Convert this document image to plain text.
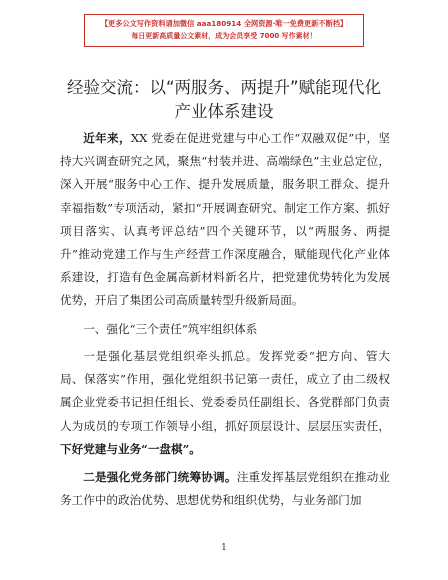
【更多公文写作资料请加微信 aaa180914 全网资源·唯一免费更新不断档】
每日更新高质量公文素材，成为会员享受 7000 写作素材！
经验交流：以“两服务、两提升”赋能现代化
产业体系建设

近年来，XX 党委在促进党建与中心工作“双融双促”中，坚持大兴调查研究之风，聚焦“村装并进、高端绿色”主业总定位，深入开展“服务中心工作、提升发展质量，服务职工群众、提升幸福指数”专项活动，紧扣“开展调查研究、制定工作方案、抓好项目落实、认真考评总结”四个关键环节，以“两服务、两提升”推动党建工作与生产经营工作深度融合，赋能现代化产业体系建设，打造有色金属高新材料新名片，把党建优势转化为发展优势，开启了集团公司高质量转型升级新局面。

一、强化“三个责任”筑牢组织体系

一是强化基层党组织牵头抓总。发挥党委“把方向、管大局、保落实”作用，强化党组织书记第一责任，成立了由二级权属企业党委书记担任组长、党委委员任副组长、各党群部门负责人为成员的专项工作领导小组，抓好顶层设计、层层压实责任，下好党建与业务“一盘棋”。

二是强化党务部门统筹协调。注重发挥基层党组织在推动业务工作中的政治优势、思想优势和组织优势，与业务部门加

1
